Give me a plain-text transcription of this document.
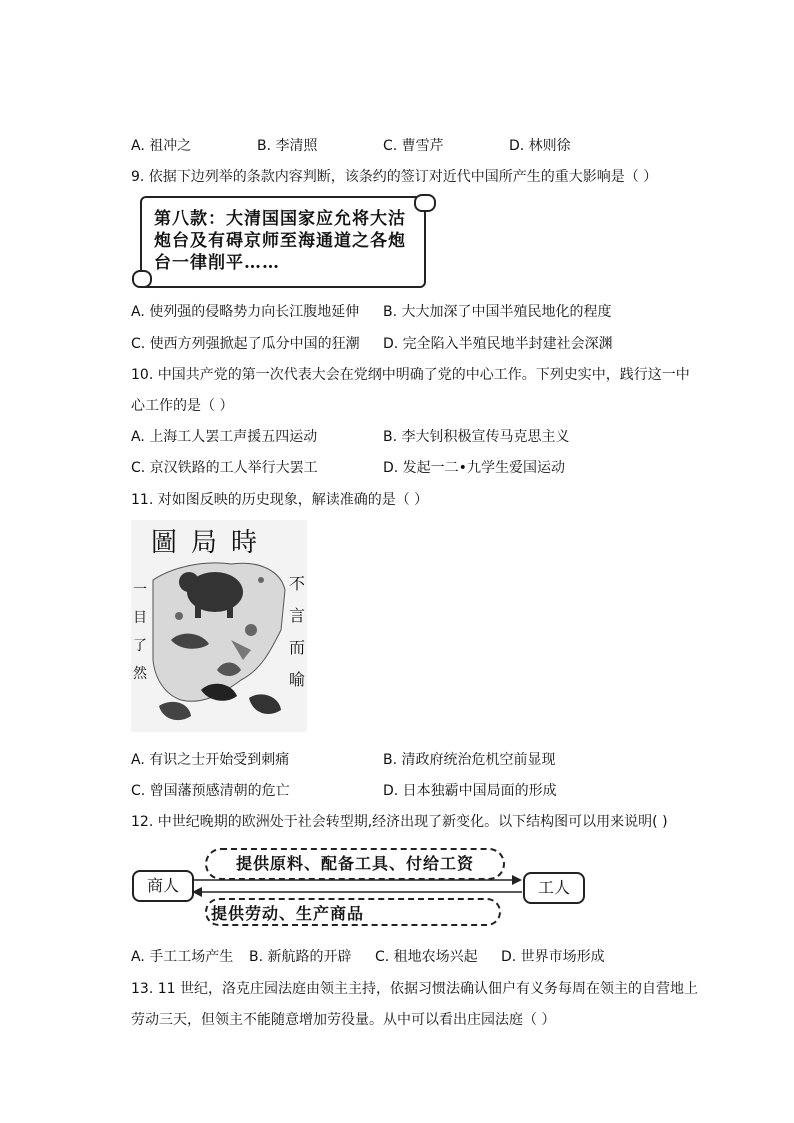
A. 祖冲之	B. 李清照	C. 曹雪芹	D. 林则徐
9. 依据下边列举的条款内容判断，该条约的签订对近代中国所产生的重大影响是（ ）
第八款：大清国国家应允将大沽炮台及有碍京师至海通道之各炮台一律削平……
A. 使列强的侵略势力向长江腹地延伸 B. 大大加深了中国半殖民地化的程度
C. 使西方列强掀起了瓜分中国的狂潮 D. 完全陷入半殖民地半封建社会深渊
10. 中国共产党的第一次代表大会在党纲中明确了党的中心工作。下列史实中，践行这一中
心工作的是（ ）
A. 上海工人罢工声援五四运动	B. 李大钊积极宣传马克思主义
C. 京汉铁路的工人举行大罢工	D. 发起一二•九学生爱国运动
11. 对如图反映的历史现象，解读准确的是（ ）
時局圖
一目了然
不言而喻
A. 有识之士开始受到刺痛	B. 清政府统治危机空前显现
C. 曾国藩预感清朝的危亡	D. 日本独霸中国局面的形成
12. 中世纪晚期的欧洲处于社会转型期,经济出现了新变化。以下结构图可以用来说明( )
提供原料、配备工具、付给工资
商人	工人
提供劳动、生产商品
A. 手工工场产生 B. 新航路的开辟 C. 租地农场兴起 D. 世界市场形成
13. 11 世纪，洛克庄园法庭由领主主持，依据习惯法确认佃户有义务每周在领主的自营地上
劳动三天，但领主不能随意增加劳役量。从中可以看出庄园法庭（ ）
